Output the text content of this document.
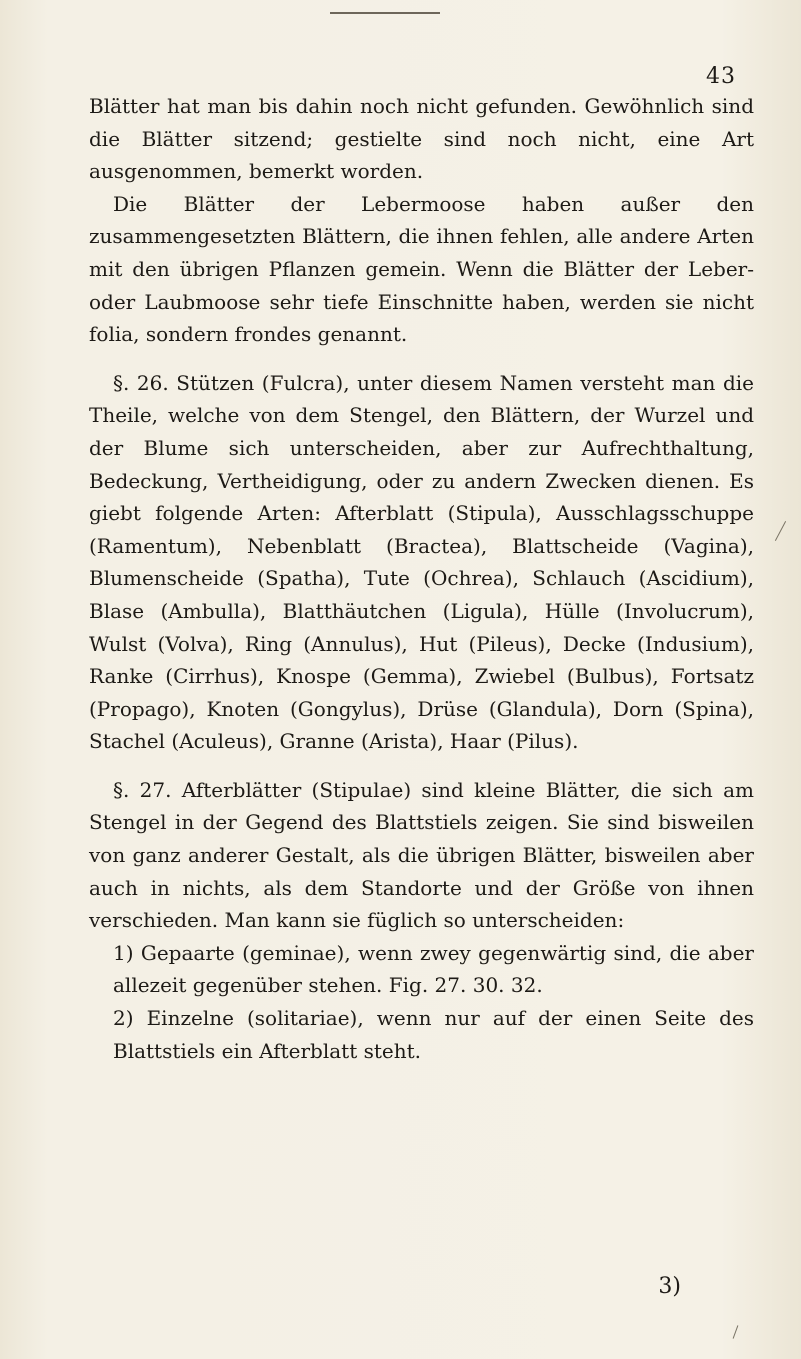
43

Blätter hat man bis dahin noch nicht gefunden. Gewöhnlich sind die Blätter sitzend; gestielte sind noch nicht, eine Art ausgenommen, bemerkt worden.

Die Blätter der Lebermoose haben außer den zusammengesetzten Blättern, die ihnen fehlen, alle andere Arten mit den übrigen Pflanzen gemein. Wenn die Blätter der Leber- oder Laubmoose sehr tiefe Einschnitte haben, werden sie nicht folia, sondern frondes genannt.

§. 26. Stützen (Fulcra), unter diesem Namen versteht man die Theile, welche von dem Stengel, den Blättern, der Wurzel und der Blume sich unterscheiden, aber zur Aufrechthaltung, Bedeckung, Vertheidigung, oder zu andern Zwecken dienen. Es giebt folgende Arten: Afterblatt (Stipula), Ausschlagsschuppe (Ramentum), Nebenblatt (Bractea), Blattscheide (Vagina), Blumenscheide (Spatha), Tute (Ochrea), Schlauch (Ascidium), Blase (Ambulla), Blatthäutchen (Ligula), Hülle (Involucrum), Wulst (Volva), Ring (Annulus), Hut (Pileus), Decke (Indusium), Ranke (Cirrhus), Knospe (Gemma), Zwiebel (Bulbus), Fortsatz (Propago), Knoten (Gongylus), Drüse (Glandula), Dorn (Spina), Stachel (Aculeus), Granne (Arista), Haar (Pilus).

§. 27. Afterblätter (Stipulae) sind kleine Blätter, die sich am Stengel in der Gegend des Blattstiels zeigen. Sie sind bisweilen von ganz anderer Gestalt, als die übrigen Blätter, bisweilen aber auch in nichts, als dem Standorte und der Größe von ihnen verschieden. Man kann sie füglich so unterscheiden:

1) Gepaarte (geminae), wenn zwey gegenwärtig sind, die aber allezeit gegenüber stehen. Fig. 27. 30. 32.

2) Einzelne (solitariae), wenn nur auf der einen Seite des Blattstiels ein Afterblatt steht.

3)
